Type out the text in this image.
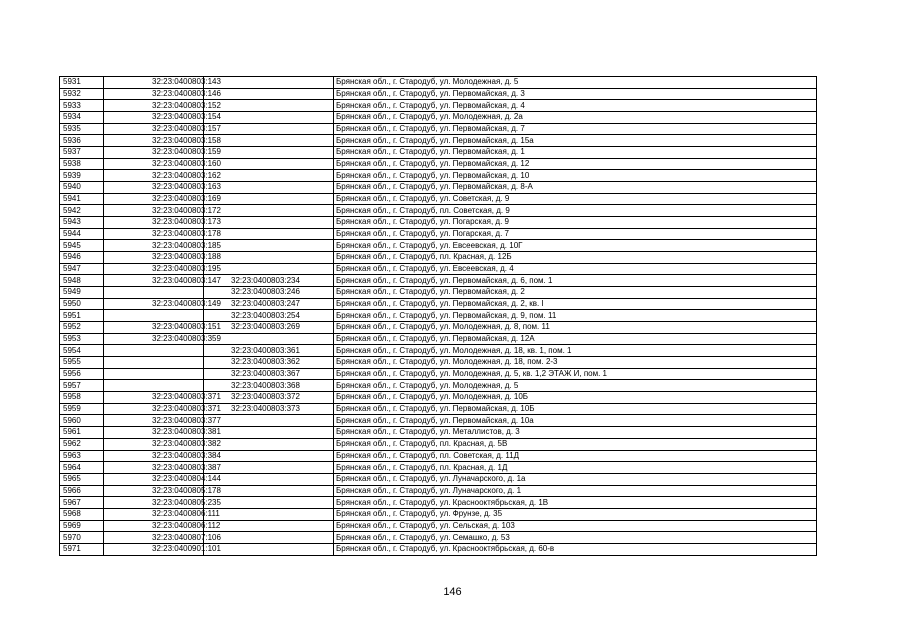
5931	32:23:0400803:143		Брянская обл., г. Стародуб, ул. Молодежная, д. 5
5932	32:23:0400803:146		Брянская обл., г. Стародуб, ул. Первомайская, д. 3
5933	32:23:0400803:152		Брянская обл., г. Стародуб, ул. Первомайская, д. 4
5934	32:23:0400803:154		Брянская обл., г. Стародуб, ул. Молодежная, д. 2а
5935	32:23:0400803:157		Брянская обл., г. Стародуб, ул. Первомайская, д. 7
5936	32:23:0400803:158		Брянская обл., г. Стародуб, ул. Первомайская, д. 15а
5937	32:23:0400803:159		Брянская обл., г. Стародуб, ул. Первомайская, д. 1
5938	32:23:0400803:160		Брянская обл., г. Стародуб, ул. Первомайская, д. 12
5939	32:23:0400803:162		Брянская обл., г. Стародуб, ул. Первомайская, д. 10
5940	32:23:0400803:163		Брянская обл., г. Стародуб, ул. Первомайская, д. 8-А
5941	32:23:0400803:169		Брянская обл., г. Стародуб, ул. Советская, д. 9
5942	32:23:0400803:172		Брянская обл., г. Стародуб, пл. Советская, д. 9
5943	32:23:0400803:173		Брянская обл., г. Стародуб, ул. Погарская, д. 9
5944	32:23:0400803:178		Брянская обл., г. Стародуб, ул. Погарская, д. 7
5945	32:23:0400803:185		Брянская обл., г. Стародуб, ул. Евсеевская, д. 10Г
5946	32:23:0400803:188		Брянская обл., г. Стародуб, пл. Красная, д. 12Б
5947	32:23:0400803:195		Брянская обл., г. Стародуб, ул. Евсеевская, д. 4
5948	32:23:0400803:147	32:23:0400803:234	Брянская обл., г. Стародуб, ул. Первомайская, д. 6, пом. 1
5949		32:23:0400803:246	Брянская обл., г. Стародуб, ул. Первомайская, д. 2
5950	32:23:0400803:149	32:23:0400803:247	Брянская обл., г. Стародуб, ул. Первомайская, д. 2, кв. I
5951		32:23:0400803:254	Брянская обл., г. Стародуб, ул. Первомайская, д. 9, пом. 11
5952	32:23:0400803:151	32:23:0400803:269	Брянская обл., г. Стародуб, ул. Молодежная, д. 8, пом. 11
5953	32:23:0400803:359		Брянская обл., г. Стародуб, ул. Первомайская, д. 12А
5954		32:23:0400803:361	Брянская обл., г. Стародуб, ул. Молодежная, д. 18, кв. 1, пом. 1
5955		32:23:0400803:362	Брянская обл., г. Стародуб, ул. Молодежная, д. 18, пом. 2-3
5956		32:23:0400803:367	Брянская обл., г. Стародуб, ул. Молодежная, д. 5, кв. 1,2 ЭТАЖ И, пом. 1
5957		32:23:0400803:368	Брянская обл., г. Стародуб, ул. Молодежная, д. 5
5958	32:23:0400803:371	32:23:0400803:372	Брянская обл., г. Стародуб, ул. Молодежная, д. 10Б
5959	32:23:0400803:371	32:23:0400803:373	Брянская обл., г. Стародуб, ул. Первомайская, д. 10Б
5960	32:23:0400803:377		Брянская обл., г. Стародуб, ул. Первомайская, д. 10а
5961	32:23:0400803:381		Брянская обл., г. Стародуб, ул. Металлистов, д. 3
5962	32:23:0400803:382		Брянская обл., г. Стародуб, пл. Красная, д. 5В
5963	32:23:0400803:384		Брянская обл., г. Стародуб, пл. Советская, д. 11Д
5964	32:23:0400803:387		Брянская обл., г. Стародуб, пл. Красная, д. 1Д
5965	32:23:0400804:144		Брянская обл., г. Стародуб, ул. Луначарского, д. 1а
5966	32:23:0400805:178		Брянская обл., г. Стародуб, ул. Луначарского, д. 1
5967	32:23:0400805:235		Брянская обл., г. Стародуб, ул. Краснооктябрьская, д. 1В
5968	32:23:0400806:111		Брянская обл., г. Стародуб, ул. Фрунзе, д. 35
5969	32:23:0400806:112		Брянская обл., г. Стародуб, ул. Сельская, д. 103
5970	32:23:0400807:106		Брянская обл., г. Стародуб, ул. Семашко, д. 53
5971	32:23:0400901:101		Брянская обл., г. Стародуб, ул. Краснооктябрьская, д. 60-в
146
